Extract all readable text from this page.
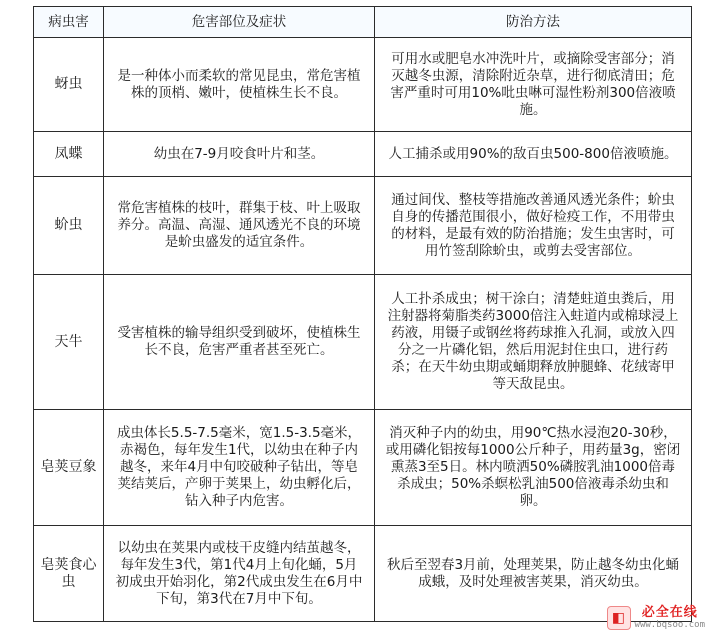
病虫害	危害部位及症状	防治方法
蚜虫	是一种体小而柔软的常见昆虫，常危害植株的顶梢、嫩叶，使植株生长不良。	可用水或肥皂水冲洗叶片，或摘除受害部分；消灭越冬虫源，清除附近杂草，进行彻底清田；危害严重时可用10%吡虫啉可湿性粉剂300倍液喷施。
凤蝶	幼虫在7-9月咬食叶片和茎。	人工捕杀或用90%的敌百虫500-800倍液喷施。
蚧虫	常危害植株的枝叶，群集于枝、叶上吸取养分。高温、高湿、通风透光不良的环境是蚧虫盛发的适宜条件。	通过间伐、整枝等措施改善通风透光条件；蚧虫自身的传播范围很小，做好检疫工作，不用带虫的材料，是最有效的防治措施；发生虫害时，可用竹签刮除蚧虫，或剪去受害部位。
天牛	受害植株的输导组织受到破坏，使植株生长不良，危害严重者甚至死亡。	人工扑杀成虫；树干涂白；清楚蛀道虫粪后，用注射器将菊脂类药3000倍注入蛀道内或棉球浸上药液，用镊子或钢丝将药球推入孔洞，或放入四分之一片磷化铝，然后用泥封住虫口，进行药杀；在天牛幼虫期或蛹期释放肿腿蜂、花绒寄甲等天敌昆虫。
皂荚豆象	成虫体长5.5-7.5毫米，宽1.5-3.5毫米，赤褐色，每年发生1代，以幼虫在种子内越冬，来年4月中旬咬破种子钻出，等皂荚结荚后，产卵于荚果上，幼虫孵化后，钻入种子内危害。	消灭种子内的幼虫，用90℃热水浸泡20-30秒，或用磷化铝按每1000公斤种子，用药量3g，密闭熏蒸3至5日。林内喷洒50%磷胺乳油1000倍毒杀成虫；50%杀螟松乳油500倍液毒杀幼虫和卵。
皂荚食心虫	以幼虫在荚果内或枝干皮缝内结茧越冬，每年发生3代，第1代4月上旬化蛹，5月初成虫开始羽化，第2代成虫发生在6月中下旬，第3代在7月中下旬。	秋后至翌春3月前，处理荚果，防止越冬幼虫化蛹成蛾，及时处理被害荚果，消灭幼虫。
◧	必全在线
www.bqsoo.com
